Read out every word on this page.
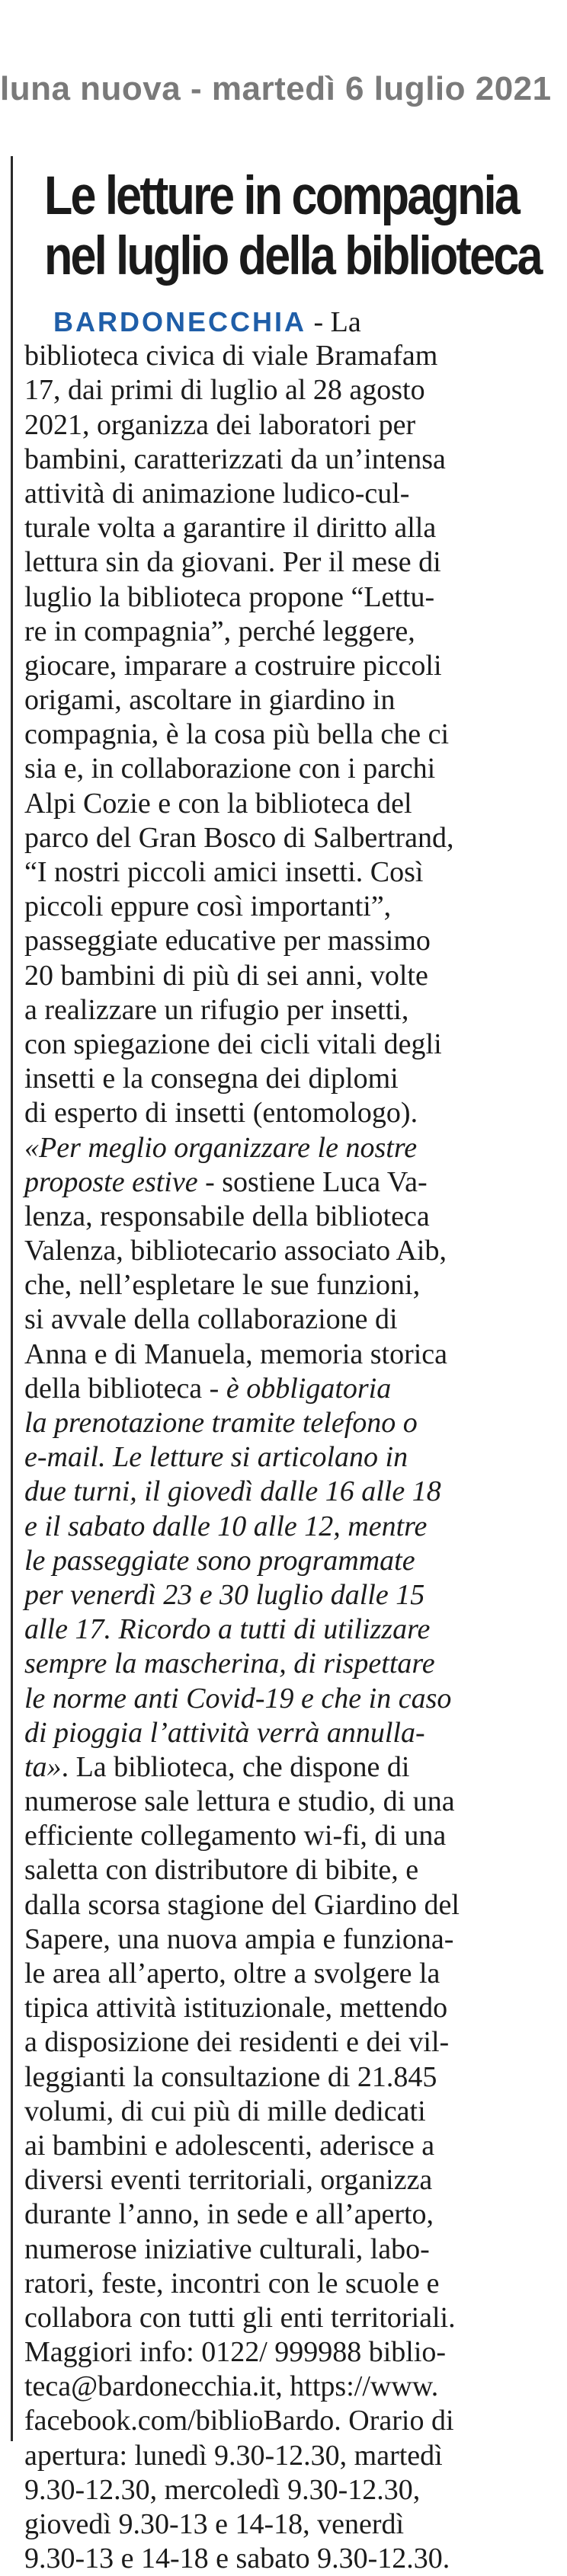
luna nuova - martedì 6 luglio 2021
Le letture in compagnia
nel luglio della biblioteca
BARDONECCHIA - La
biblioteca civica di viale Bramafam
17, dai primi di luglio al 28 agosto
2021, organizza dei laboratori per
bambini, caratterizzati da un’intensa
attività di animazione ludico-cul-
turale volta a garantire il diritto alla
lettura sin da giovani. Per il mese di
luglio la biblioteca propone “Lettu-
re in compagnia”, perché leggere,
giocare, imparare a costruire piccoli
origami, ascoltare in giardino in
compagnia, è la cosa più bella che ci
sia e, in collaborazione con i parchi
Alpi Cozie e con la biblioteca del
parco del Gran Bosco di Salbertrand,
“I nostri piccoli amici insetti. Così
piccoli eppure così importanti”,
passeggiate educative per massimo
20 bambini di più di sei anni, volte
a realizzare un rifugio per insetti,
con spiegazione dei cicli vitali degli
insetti e la consegna dei diplomi
di esperto di insetti (entomologo).
«Per meglio organizzare le nostre
proposte estive - sostiene Luca Va-
lenza, responsabile della biblioteca
Valenza, bibliotecario associato Aib,
che, nell’espletare le sue funzioni,
si avvale della collaborazione di
Anna e di Manuela, memoria storica
della biblioteca - è obbligatoria
la prenotazione tramite telefono o
e-mail. Le letture si articolano in
due turni, il giovedì dalle 16 alle 18
e il sabato dalle 10 alle 12, mentre
le passeggiate sono programmate
per venerdì 23 e 30 luglio dalle 15
alle 17. Ricordo a tutti di utilizzare
sempre la mascherina, di rispettare
le norme anti Covid-19 e che in caso
di pioggia l’attività verrà annulla-
ta». La biblioteca, che dispone di
numerose sale lettura e studio, di una
efficiente collegamento wi-fi, di una
saletta con distributore di bibite, e
dalla scorsa stagione del Giardino del
Sapere, una nuova ampia e funziona-
le area all’aperto, oltre a svolgere la
tipica attività istituzionale, mettendo
a disposizione dei residenti e dei vil-
leggianti la consultazione di 21.845
volumi, di cui più di mille dedicati
ai bambini e adolescenti, aderisce a
diversi eventi territoriali, organizza
durante l’anno, in sede e all’aperto,
numerose iniziative culturali, labo-
ratori, feste, incontri con le scuole e
collabora con tutti gli enti territoriali.
Maggiori info: 0122/ 999988 biblio-
teca@bardonecchia.it, https://www.
facebook.com/biblioBardo. Orario di
apertura: lunedì 9.30-12.30, martedì
9.30-12.30, mercoledì 9.30-12.30,
giovedì 9.30-13 e 14-18, venerdì
9.30-13 e 14-18 e sabato 9.30-12.30.
